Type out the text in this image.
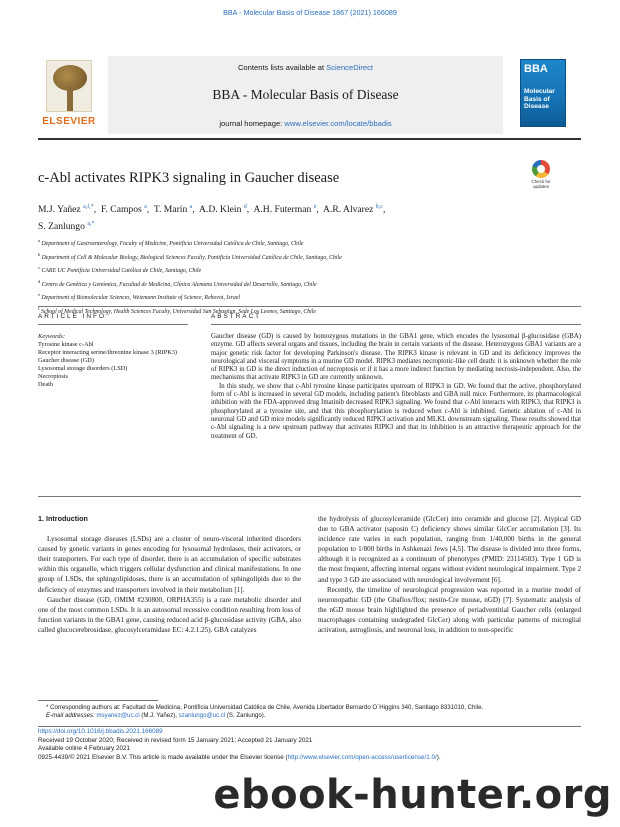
BBA - Molecular Basis of Disease 1867 (2021) 166089
ELSEVIER
Contents lists available at ScienceDirect
BBA - Molecular Basis of Disease
journal homepage: www.elsevier.com/locate/bbadis
BBA
Molecular
Basis of
Disease
c-Abl activates RIPK3 signaling in Gaucher disease	Check for updates
M.J. Yañez $^{a,f,*}$,  F. Campos $^a$,  T. Marín $^a$,  A.D. Klein $^d$,  A.H. Futerman $^e$,  A.R. Alvarez $^{b,c}$,
S. Zanlungo $^{a,*}$
$^a$ Department of Gastroenterology, Faculty of Medicine, Pontificia Universidad Católica de Chile, Santiago, Chile
$^b$ Department of Cell & Molecular Biology, Biological Sciences Faculty, Pontificia Universidad Católica de Chile, Santiago, Chile
$^c$ CARE UC Pontificia Universidad Católica de Chile, Santiago, Chile
$^d$ Centro de Genética y Genómica, Facultad de Medicina, Clínica Alemana Universidad del Desarrollo, Santiago, Chile
$^e$ Department of Biomolecular Sciences, Weizmann Institute of Science, Rehovot, Israel
$^f$ School of Medical Technology, Health Sciences Faculty, Universidad San Sebastian, Sede Los Leones, Santiago, Chile
ARTICLE INFO	ABSTRACT
Keywords:
Tyrosine kinase c-Abl
Receptor interacting serine/threonine kinase 3 (RIPK3)
Gaucher disease (GD)
Lysosomal storage disorders (LSD)
Necroptosis
Death

Gaucher disease (GD) is caused by homozygous mutations in the GBA1 gene, which encodes the lysosomal β-glucosidase (GBA) enzyme. GD affects several organs and tissues, including the brain in certain variants of the disease. Heterozygous GBA1 variants are a major genetic risk factor for developing Parkinson's disease. The RIPK3 kinase is relevant in GD and its deficiency improves the neurological and visceral symptoms in a murine GD model. RIPK3 mediates necroptotic-like cell death: it is unknown whether the role of RIPK3 in GD is the direct induction of necroptosis or if it has a more indirect function by mediating necrosis-independent. Also, the mechanisms that activate RIPK3 in GD are currently unknown.

In this study, we show that c-Abl tyrosine kinase participates upstream of RIPK3 in GD. We found that the active, phosphorylated form of c-Abl is increased in several GD models, including patient's fibroblasts and GBA null mice. Furthermore, its pharmacological inhibition with the FDA-approved drug Imatinib decreased RIPK3 signaling. We found that c-Abl interacts with RIPK3, that RIPK3 is phosphorylated at a tyrosine site, and that this phosphorylation is reduced when c-Abl is inhibited. Genetic ablation of c-Abl in neuronal GD and GD mice models significantly reduced RIPK3 activation and MLKL downstream signaling. These results showed that c-Abl signaling is a new upstream pathway that activates RIPK3 and that its inhibition is an attractive therapeutic approach for the treatment of GD.

1. Introduction

Lysosomal storage diseases (LSDs) are a cluster of neuro-visceral inherited disorders caused by genetic variants in genes encoding for lysosomal hydrolases, their activators, or their transporters. For each type of disorder, there is an accumulation of specific substrates within this organelle, which triggers cellular dysfunction and clinical manifestations. In one group of LSDs, the sphingolipidoses, there is an accumulation of sphingolipids due to the deficiency of enzymes and transporters involved in their metabolism [1].

Gaucher disease (GD, OMIM #230800, ORPHA355) is a rare metabolic disorder and one of the most common LSDs. It is an autosomal recessive condition resulting from loss of function variants in the GBA1 gene, causing reduced acid β-glucosidase activity (GBA, also called glucocerebrosidase, glucosylceramidase EC: 4.2.1.25). GBA catalyzes

the hydrolysis of glucosylceramide (GlcCer) into ceramide and glucose [2]. Atypical GD due to GBA activator (saposin C) deficiency shows similar GlcCer accumulation [3]. Its incidence rate varies in each population, ranging from 1/40,000 births in the general population to 1/800 births in Ashkenazi Jews [4,5]. The disease is divided into three forms, although it is recognized as a continuum of phenotypes (PMID: 23114583). Type 1 GD is the most frequent, affecting internal organs without evident neurological impairment. Type 2 and type 3 GD are associated with neurological involvement [6].

Recently, the timeline of neurological progression was reported in a murine model of neuronopathic GD (the Gbaflox/flox; nestin-Cre mouse, nGD) [7]. Systematic analysis of the nGD mouse brain highlighted the presence of periadventitial Gaucher cells (enlarged macrophages containing undegraded GlcCer) along with particular patterns of microglial activation, astrogliosis, and neuronal loss, in addition to non-specific

* Corresponding authors at: Facultad de Medicina, Pontificia Universidad Católica de Chile, Avenida Libertador Bernardo O´Higgins 340, Santiago 8331010, Chile.
E-mail addresses: msyanez@uc.cl (M.J. Yañez), szanlungo@uc.cl (S. Zanlungo).
https://doi.org/10.1016/j.bbadis.2021.166089
Received 19 October 2020; Received in revised form 15 January 2021; Accepted 21 January 2021
Available online 4 February 2021
0925-4439/© 2021 Elsevier B.V. This article is made available under the Elsevier license (http://www.elsevier.com/open-access/userlicense/1.0/).
ebook-hunter.org
